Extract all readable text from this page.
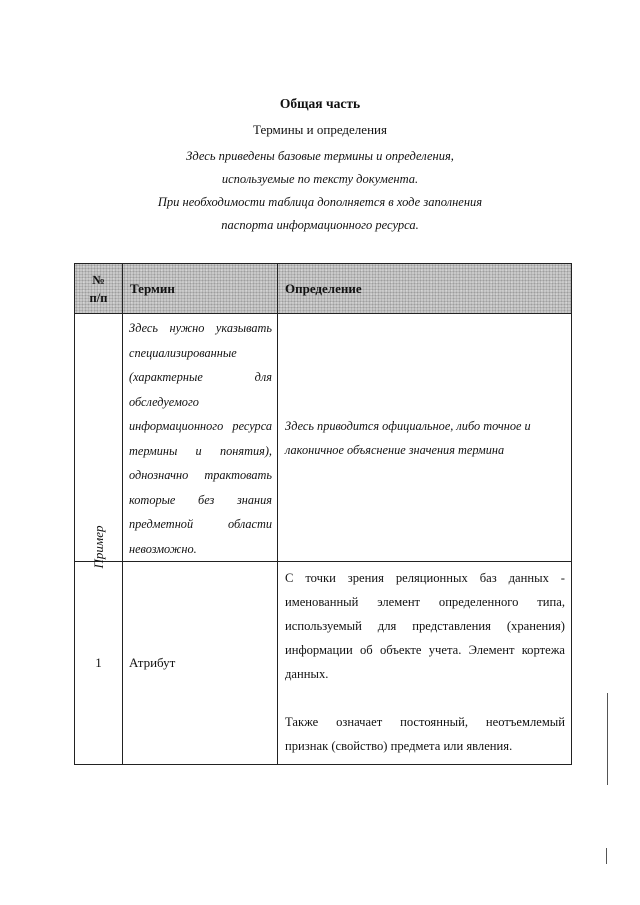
Общая часть
Термины и определения
Здесь приведены базовые термины и определения,
используемые по тексту документа.
При необходимости таблица дополняется в ходе заполнения
паспорта информационного ресурса.
№
п/п	Термин	Определение

Пример	Здесь нужно указывать специализированные (характерные для обследуемого информационного ресурса термины и понятия), однозначно трактовать которые без знания предметной области невозможно.	Здесь приводится официальное, либо точное и лаконичное объяснение значения термина
1	Атрибут	С точки зрения реляционных баз данных - именованный элемент определенного типа, используемый для представления (хранения) информации об объекте учета. Элемент кортежа данных.

Также означает постоянный, неотъемлемый признак (свойство) предмета или явления.
